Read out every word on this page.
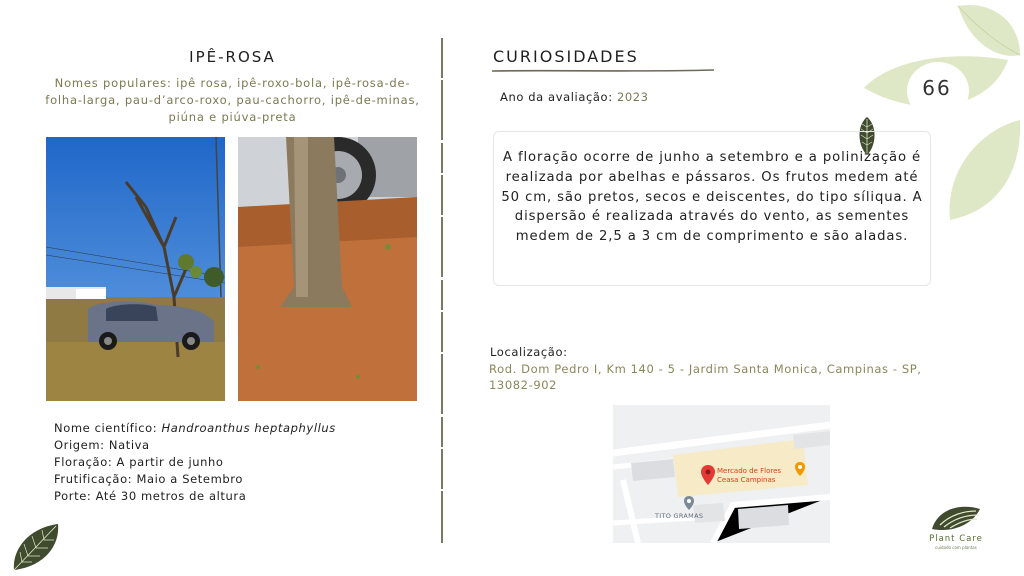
66
IPÊ-ROSA
Nomes populares: ipê rosa, ipê-roxo-bola, ipê-rosa-de-folha-larga, pau-d’arco-roxo, pau-cachorro, ipê-de-minas, piúna e piúva-preta
Nome científico: Handroanthus heptaphyllus
Origem: Nativa
Floração: A partir de junho
Frutificação: Maio a Setembro
Porte: Até 30 metros de altura
CURIOSIDADES
Ano da avaliação: 2023
A floração ocorre de junho a setembro e a polinização é realizada por abelhas e pássaros. Os frutos medem até 50 cm, são pretos, secos e deiscentes, do tipo síliqua. A dispersão é realizada através do vento, as sementes medem de 2,5 a 3 cm de comprimento e são aladas.
Localização:
Rod. Dom Pedro I, Km 140 - 5 - Jardim Santa Monica, Campinas - SP, 13082-902
Mercado de Flores
Ceasa Campinas
TITO GRAMAS
Plant Care
cuidado com plantas
